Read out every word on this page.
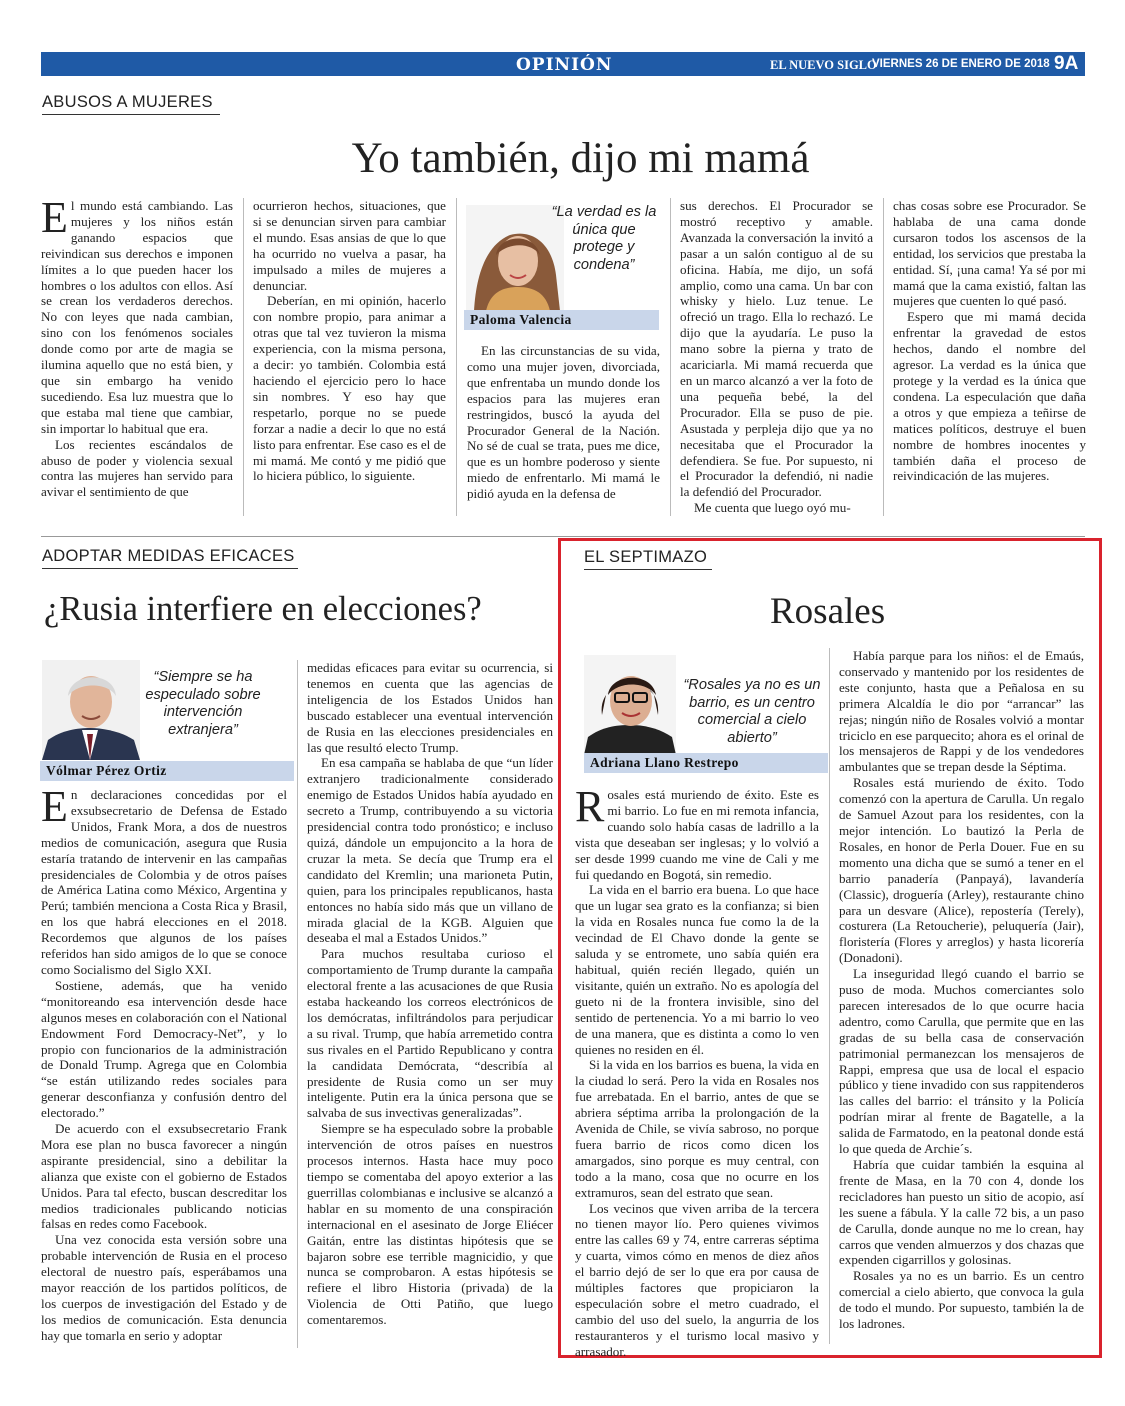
OPINIÓN	EL NUEVO SIGLO
VIERNES 26 DE ENERO DE 2018 9A
ABUSOS A MUJERES
Yo también, dijo mi mamá
E l mundo está cambiando. Las mujeres y los niños están ganando espacios que reivindican sus derechos e imponen límites a lo que pueden hacer los hombres o los adultos con ellos. Así se crean los verdaderos derechos. No con leyes que nada cambian, sino con los fenómenos sociales donde como por arte de magia se ilumina aquello que no está bien, y que sin embargo ha venido sucediendo. Esa luz muestra que lo que estaba mal tiene que cambiar, sin importar lo habitual que era.

Los recientes escándalos de abuso de poder y violencia sexual contra las mujeres han servido para avivar el sentimiento de que

ocurrieron hechos, situaciones, que si se denuncian sirven para cambiar el mundo. Esas ansias de que lo que ha ocurrido no vuelva a pasar, ha impulsado a miles de mujeres a denunciar.

Deberían, en mi opinión, hacerlo con nombre propio, para animar a otras que tal vez tuvieron la misma experiencia, con la misma persona, a decir: yo también. Colombia está haciendo el ejercicio pero lo hace sin nombres. Y eso hay que respetarlo, porque no se puede forzar a nadie a decir lo que no está listo para enfrentar. Ese caso es el de mi mamá. Me contó y me pidió que lo hiciera público, lo siguiente.

“La verdad es la única que protege y condena”
Paloma Valencia

En las circunstancias de su vida, como una mujer joven, divorciada, que enfrentaba un mundo donde los espacios para las mujeres eran restringidos, buscó la ayuda del Procurador General de la Nación. No sé de cual se trata, pues me dice, que es un hombre poderoso y siente miedo de enfrentarlo. Mi mamá le pidió ayuda en la defensa de

sus derechos. El Procurador se mostró receptivo y amable. Avanzada la conversación la invitó a pasar a un salón contiguo al de su oficina. Había, me dijo, un sofá amplio, como una cama. Un bar con whisky y hielo. Luz tenue. Le ofreció un trago. Ella lo rechazó. Le dijo que la ayudaría. Le puso la mano sobre la pierna y trato de acariciarla. Mi mamá recuerda que en un marco alcanzó a ver la foto de una pequeña bebé, la del Procurador. Ella se puso de pie. Asustada y perpleja dijo que ya no necesitaba que el Procurador la defendiera. Se fue. Por supuesto, ni el Procurador la defendió, ni nadie la defendió del Procurador.

Me cuenta que luego oyó mu-

chas cosas sobre ese Procurador. Se hablaba de una cama donde cursaron todos los ascensos de la entidad, los servicios que prestaba la entidad. Sí, ¡una cama! Ya sé por mi mamá que la cama existió, faltan las mujeres que cuenten lo qué pasó.

Espero que mi mamá decida enfrentar la gravedad de estos hechos, dando el nombre del agresor. La verdad es la única que protege y la verdad es la única que condena. La especulación que daña a otros y que empieza a teñirse de matices políticos, destruye el buen nombre de hombres inocentes y también daña el proceso de reivindicación de las mujeres.

ADOPTAR MEDIDAS EFICACES
¿Rusia interfiere en elecciones?
“Siempre se ha especulado sobre intervención extranjera”
Vólmar Pérez Ortiz
E n declaraciones concedidas por el exsubsecretario de Defensa de Estado Unidos, Frank Mora, a dos de nuestros medios de comunicación, asegura que Rusia estaría tratando de intervenir en las campañas presidenciales de Colombia y de otros países de América Latina como México, Argentina y Perú; también menciona a Costa Rica y Brasil, en los que habrá elecciones en el 2018. Recordemos que algunos de los países referidos han sido amigos de lo que se conoce como Socialismo del Siglo XXI.

Sostiene, además, que ha venido “monitoreando esa intervención desde hace algunos meses en colaboración con el National Endowment Ford Democracy-Net”, y lo propio con funcionarios de la administración de Donald Trump. Agrega que en Colombia “se están utilizando redes sociales para generar desconfianza y confusión dentro del electorado.”

De acuerdo con el exsubsecretario Frank Mora ese plan no busca favorecer a ningún aspirante presidencial, sino a debilitar la alianza que existe con el gobierno de Estados Unidos. Para tal efecto, buscan descreditar los medios tradicionales publicando noticias falsas en redes como Facebook.

Una vez conocida esta versión sobre una probable intervención de Rusia en el proceso electoral de nuestro país, esperábamos una mayor reacción de los partidos políticos, de los cuerpos de investigación del Estado y de los medios de comunicación. Esta denuncia hay que tomarla en serio y adoptar

medidas eficaces para evitar su ocurrencia, si tenemos en cuenta que las agencias de inteligencia de los Estados Unidos han buscado establecer una eventual intervención de Rusia en las elecciones presidenciales en las que resultó electo Trump.

En esa campaña se hablaba de que “un líder extranjero tradicionalmente considerado enemigo de Estados Unidos había ayudado en secreto a Trump, contribuyendo a su victoria presidencial contra todo pronóstico; e incluso quizá, dándole un empujoncito a la hora de cruzar la meta. Se decía que Trump era el candidato del Kremlin; una marioneta Putin, quien, para los principales republicanos, hasta entonces no había sido más que un villano de mirada glacial de la KGB. Alguien que deseaba el mal a Estados Unidos.”

Para muchos resultaba curioso el comportamiento de Trump durante la campaña electoral frente a las acusaciones de que Rusia estaba hackeando los correos electrónicos de los demócratas, infiltrándolos para perjudicar a su rival. Trump, que había arremetido contra sus rivales en el Partido Republicano y contra la candidata Demócrata, “describía al presidente de Rusia como un ser muy inteligente. Putin era la única persona que se salvaba de sus invectivas generalizadas”.

Siempre se ha especulado sobre la probable intervención de otros países en nuestros procesos internos. Hasta hace muy poco tiempo se comentaba del apoyo exterior a las guerrillas colombianas e inclusive se alcanzó a hablar en su momento de una conspiración internacional en el asesinato de Jorge Eliécer Gaitán, entre las distintas hipótesis que se bajaron sobre ese terrible magnicidio, y que nunca se comprobaron. A estas hipótesis se refiere el libro Historia (privada) de la Violencia de Otti Patiño, que luego comentaremos.

EL SEPTIMAZO
Rosales
“Rosales ya no es un barrio, es un centro comercial a cielo abierto”
Adriana Llano Restrepo
R osales está muriendo de éxito. Este es mi barrio. Lo fue en mi remota infancia, cuando solo había casas de ladrillo a la vista que deseaban ser inglesas; y lo volvió a ser desde 1999 cuando me vine de Cali y me fui quedando en Bogotá, sin remedio.

La vida en el barrio era buena. Lo que hace que un lugar sea grato es la confianza; si bien la vida en Rosales nunca fue como la de la vecindad de El Chavo donde la gente se saluda y se entromete, uno sabía quién era habitual, quién recién llegado, quién un visitante, quién un extraño. No es apología del gueto ni de la frontera invisible, sino del sentido de pertenencia. Yo a mi barrio lo veo de una manera, que es distinta a como lo ven quienes no residen en él.

Si la vida en los barrios es buena, la vida en la ciudad lo será. Pero la vida en Rosales nos fue arrebatada. En el barrio, antes de que se abriera séptima arriba la prolongación de la Avenida de Chile, se vivía sabroso, no porque fuera barrio de ricos como dicen los amargados, sino porque es muy central, con todo a la mano, cosa que no ocurre en los extramuros, sean del estrato que sean.

Los vecinos que viven arriba de la tercera no tienen mayor lío. Pero quienes vivimos entre las calles 69 y 74, entre carreras séptima y cuarta, vimos cómo en menos de diez años el barrio dejó de ser lo que era por causa de múltiples factores que propiciaron la especulación sobre el metro cuadrado, el cambio del uso del suelo, la angurria de los restauranteros y el turismo local masivo y arrasador.

Había parque para los niños: el de Emaús, conservado y mantenido por los residentes de este conjunto, hasta que a Peñalosa en su primera Alcaldía le dio por “arrancar” las rejas; ningún niño de Rosales volvió a montar triciclo en ese parquecito; ahora es el orinal de los mensajeros de Rappi y de los vendedores ambulantes que se trepan desde la Séptima.

Rosales está muriendo de éxito. Todo comenzó con la apertura de Carulla. Un regalo de Samuel Azout para los residentes, con la mejor intención. Lo bautizó la Perla de Rosales, en honor de Perla Douer. Fue en su momento una dicha que se sumó a tener en el barrio panadería (Panpayá), lavandería (Classic), droguería (Arley), restaurante chino para un desvare (Alice), repostería (Terely), costurera (La Retoucherie), peluquería (Jair), floristería (Flores y arreglos) y hasta licorería (Donadoni).

La inseguridad llegó cuando el barrio se puso de moda. Muchos comerciantes solo parecen interesados de lo que ocurre hacia adentro, como Carulla, que permite que en las gradas de su bella casa de conservación patrimonial permanezcan los mensajeros de Rappi, empresa que usa de local el espacio público y tiene invadido con sus rappitenderos las calles del barrio: el tránsito y la Policía podrían mirar al frente de Bagatelle, a la salida de Farmatodo, en la peatonal donde está lo que queda de Archie´s.

Habría que cuidar también la esquina al frente de Masa, en la 70 con 4, donde los recicladores han puesto un sitio de acopio, así les suene a fábula. Y la calle 72 bis, a un paso de Carulla, donde aunque no me lo crean, hay carros que venden almuerzos y dos chazas que expenden cigarrillos y golosinas.

Rosales ya no es un barrio. Es un centro comercial a cielo abierto, que convoca la gula de todo el mundo. Por supuesto, también la de los ladrones.
